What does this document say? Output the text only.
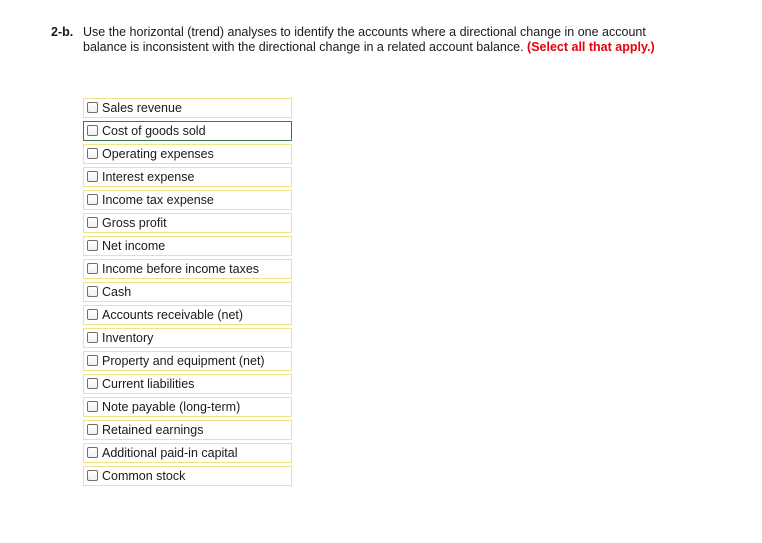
2-b. Use the horizontal (trend) analyses to identify the accounts where a directional change in one account balance is inconsistent with the directional change in a related account balance. (Select all that apply.)
Sales revenue
Cost of goods sold
Operating expenses
Interest expense
Income tax expense
Gross profit
Net income
Income before income taxes
Cash
Accounts receivable (net)
Inventory
Property and equipment (net)
Current liabilities
Note payable (long-term)
Retained earnings
Additional paid-in capital
Common stock
